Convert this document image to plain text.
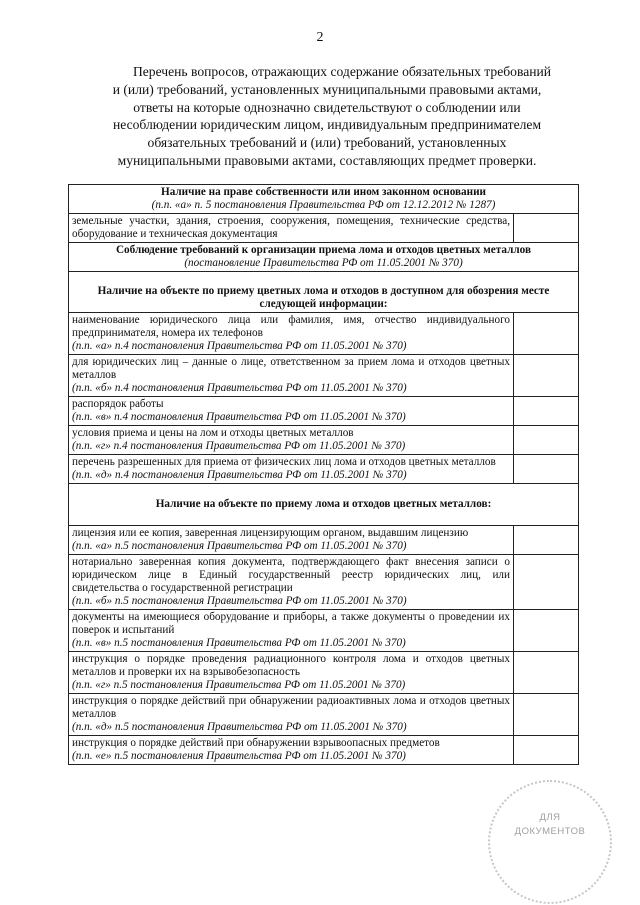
2
Перечень вопросов, отражающих содержание обязательных требований
и (или) требований, установленных муниципальными правовыми актами,
ответы на которые однозначно свидетельствуют о соблюдении или
несоблюдении юридическим лицом, индивидуальным предпринимателем
обязательных требований и (или) требований, установленных
муниципальными правовыми актами, составляющих предмет проверки.
Наличие на праве собственности или ином законном основании
(п.п. «а» п. 5 постановления Правительства РФ от 12.12.2012 № 1287)	

земельные участки, здания, строения, сооружения, помещения, технические средства, оборудование и техническая документация	
Соблюдение требований к организации приема лома и отходов цветных металлов
(постановление Правительства РФ от 11.05.2001 № 370)	

Наличие на объекте по приему цветных лома и отходов в доступном для обозрения месте следующей информации:	
наименование юридического лица или фамилия, имя, отчество индивидуального предпринимателя, номера их телефонов
(п.п. «а» п.4 постановления Правительства РФ от 11.05.2001 № 370)	

для юридических лиц – данные о лице, ответственном за прием лома и отходов цветных металлов
(п.п. «б» п.4 постановления Правительства РФ от 11.05.2001 № 370)	

распорядок работы
(п.п. «в» п.4 постановления Правительства РФ от 11.05.2001 № 370)	

условия приема и цены на лом и отходы цветных металлов
(п.п. «г» п.4 постановления Правительства РФ от 11.05.2001 № 370)	

перечень разрешенных для приема от физических лиц лома и отходов цветных металлов
(п.п. «д» п.4 постановления Правительства РФ от 11.05.2001 № 370)	

Наличие на объекте по приему лома и отходов цветных металлов:	
лицензия или ее копия, заверенная лицензирующим органом, выдавшим лицензию
(п.п. «а» п.5 постановления Правительства РФ от 11.05.2001 № 370)	

нотариально заверенная копия документа, подтверждающего факт внесения записи о юридическом лице в Единый государственный реестр юридических лиц, или свидетельства о государственной регистрации
(п.п. «б» п.5 постановления Правительства РФ от 11.05.2001 № 370)	

документы на имеющиеся оборудование и приборы, а также документы о проведении их поверок и испытаний
(п.п. «в» п.5 постановления Правительства РФ от 11.05.2001 № 370)	

инструкция о порядке проведения радиационного контроля лома и отходов цветных металлов и проверки их на взрывобезопасность
(п.п. «г» п.5 постановления Правительства РФ от 11.05.2001 № 370)	

инструкция о порядке действий при обнаружении радиоактивных лома и отходов цветных металлов
(п.п. «д» п.5 постановления Правительства РФ от 11.05.2001 № 370)	

инструкция о порядке действий при обнаружении взрывоопасных предметов
(п.п. «е» п.5 постановления Правительства РФ от 11.05.2001 № 370)	

ДЛЯ
ДОКУМЕНТОВ
